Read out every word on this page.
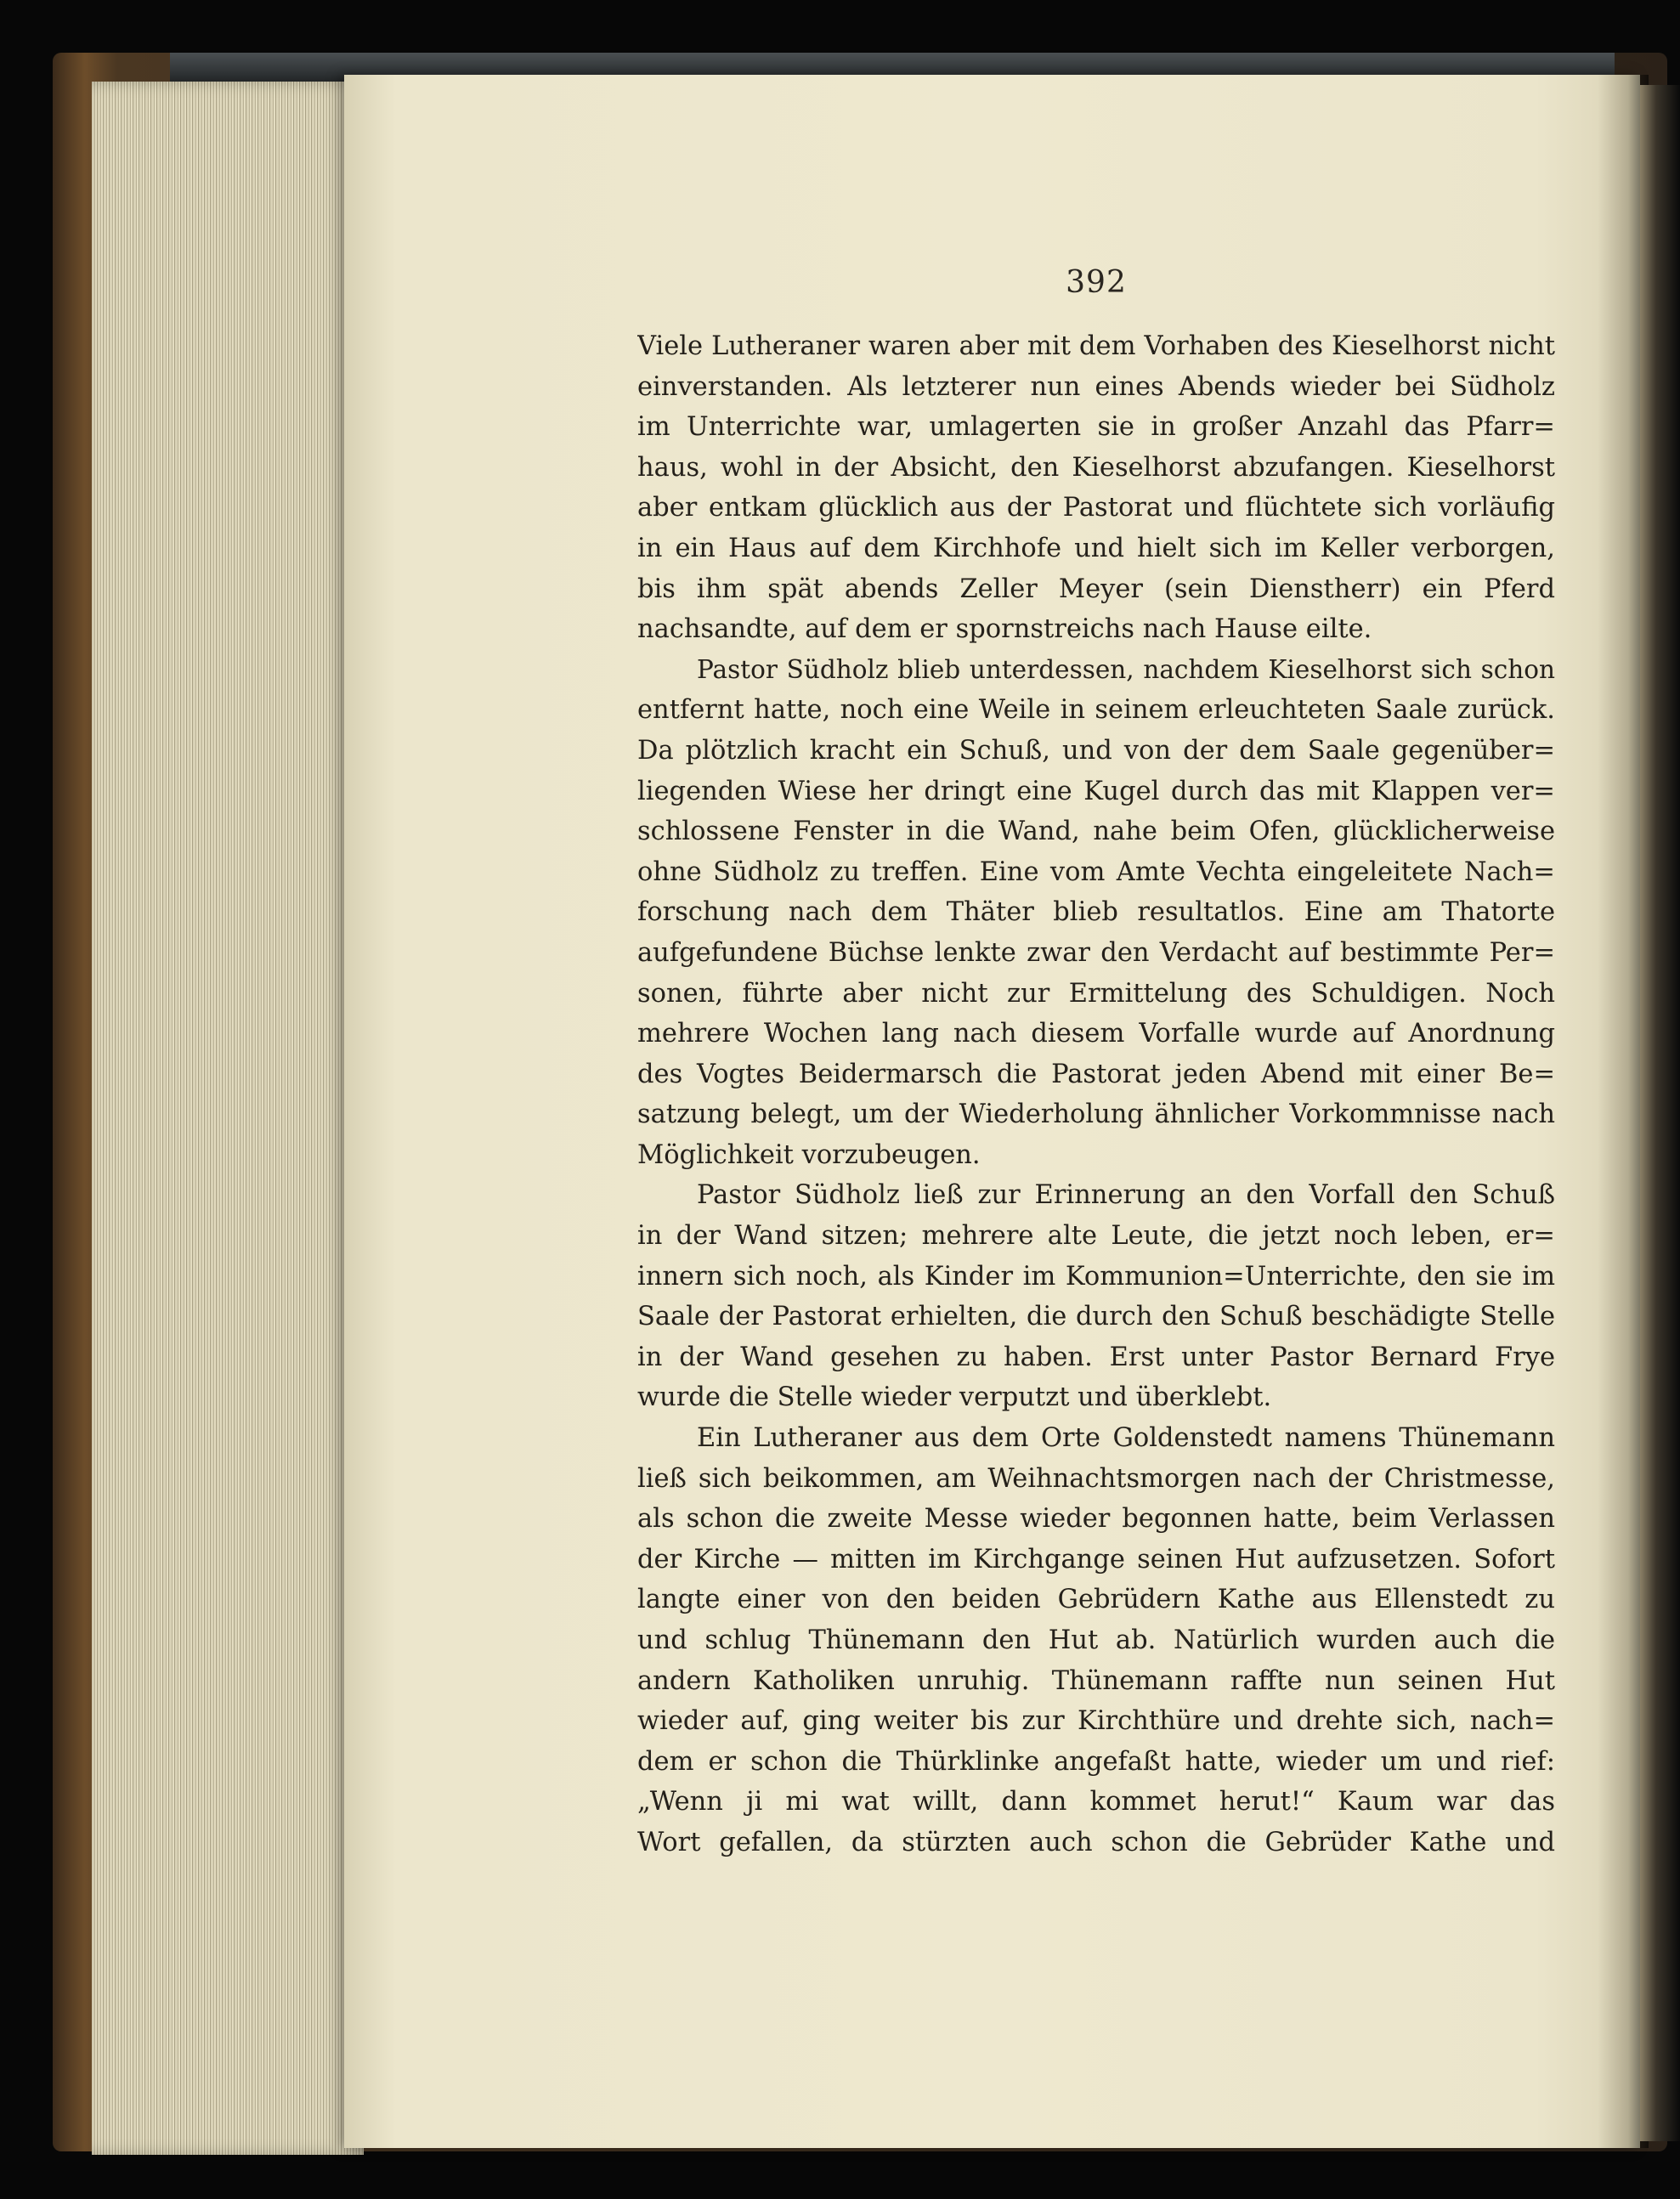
392
Viele Lutheraner waren aber mit dem Vorhaben des Kieselhorst nicht
einverstanden. Als letzterer nun eines Abends wieder bei Südholz
im Unterrichte war, umlagerten sie in großer Anzahl das Pfarr=
haus, wohl in der Absicht, den Kieselhorst abzufangen. Kieselhorst
aber entkam glücklich aus der Pastorat und flüchtete sich vorläufig
in ein Haus auf dem Kirchhofe und hielt sich im Keller verborgen,
bis ihm spät abends Zeller Meyer (sein Dienstherr) ein Pferd
nachsandte, auf dem er spornstreichs nach Hause eilte.
Pastor Südholz blieb unterdessen, nachdem Kieselhorst sich schon
entfernt hatte, noch eine Weile in seinem erleuchteten Saale zurück.
Da plötzlich kracht ein Schuß, und von der dem Saale gegenüber=
liegenden Wiese her dringt eine Kugel durch das mit Klappen ver=
schlossene Fenster in die Wand, nahe beim Ofen, glücklicherweise
ohne Südholz zu treffen. Eine vom Amte Vechta eingeleitete Nach=
forschung nach dem Thäter blieb resultatlos. Eine am Thatorte
aufgefundene Büchse lenkte zwar den Verdacht auf bestimmte Per=
sonen, führte aber nicht zur Ermittelung des Schuldigen. Noch
mehrere Wochen lang nach diesem Vorfalle wurde auf Anordnung
des Vogtes Beidermarsch die Pastorat jeden Abend mit einer Be=
satzung belegt, um der Wiederholung ähnlicher Vorkommnisse nach
Möglichkeit vorzubeugen.
Pastor Südholz ließ zur Erinnerung an den Vorfall den Schuß
in der Wand sitzen; mehrere alte Leute, die jetzt noch leben, er=
innern sich noch, als Kinder im Kommunion=Unterrichte, den sie im
Saale der Pastorat erhielten, die durch den Schuß beschädigte Stelle
in der Wand gesehen zu haben. Erst unter Pastor Bernard Frye
wurde die Stelle wieder verputzt und überklebt.
Ein Lutheraner aus dem Orte Goldenstedt namens Thünemann
ließ sich beikommen, am Weihnachtsmorgen nach der Christmesse,
als schon die zweite Messe wieder begonnen hatte, beim Verlassen
der Kirche — mitten im Kirchgange seinen Hut aufzusetzen. Sofort
langte einer von den beiden Gebrüdern Kathe aus Ellenstedt zu
und schlug Thünemann den Hut ab. Natürlich wurden auch die
andern Katholiken unruhig. Thünemann raffte nun seinen Hut
wieder auf, ging weiter bis zur Kirchthüre und drehte sich, nach=
dem er schon die Thürklinke angefaßt hatte, wieder um und rief:
„Wenn ji mi wat willt, dann kommet herut!“ Kaum war das
Wort gefallen, da stürzten auch schon die Gebrüder Kathe und
